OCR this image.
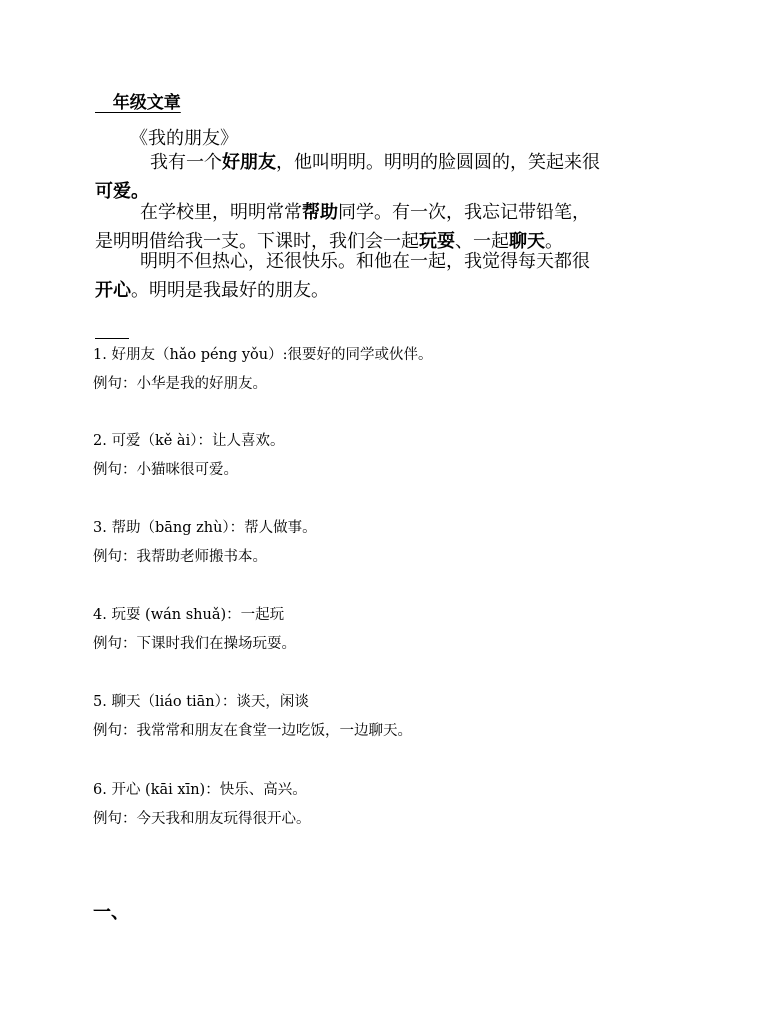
年级文章
《我的朋友》
我有一个好朋友，他叫明明。明明的脸圆圆的，笑起来很
可爱。
在学校里，明明常常帮助同学。有一次，我忘记带铅笔，
是明明借给我一支。下课时，我们会一起玩耍、一起聊天。
明明不但热心，还很快乐。和他在一起，我觉得每天都很
开心。明明是我最好的朋友。
1. 好朋友（hǎo péng yǒu）:很要好的同学或伙伴。
例句：小华是我的好朋友。
2. 可爱（kě ài）：让人喜欢。
例句：小猫咪很可爱。
3. 帮助（bāng zhù）：帮人做事。
例句：我帮助老师搬书本。
4. 玩耍 (wán shuǎ)：一起玩
例句：下课时我们在操场玩耍。
5. 聊天（liáo tiān）：谈天，闲谈
例句：我常常和朋友在食堂一边吃饭，一边聊天。
6. 开心 (kāi xīn)：快乐、高兴。
例句：今天我和朋友玩得很开心。
一、
